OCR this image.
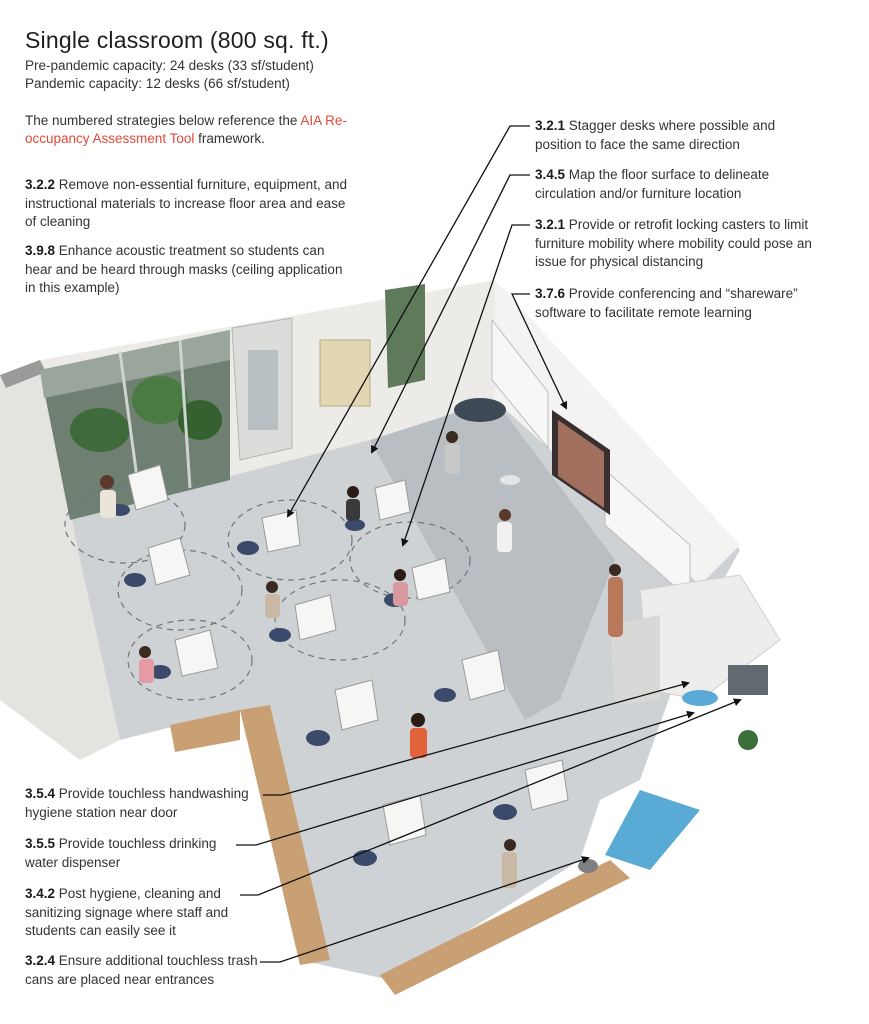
Single classroom (800 sq. ft.)
Pre-pandemic capacity: 24 desks (33 sf/student)
Pandemic capacity: 12 desks (66 sf/student)
The numbered strategies below reference the AIA Re-occupancy Assessment Tool framework.
3.2.2 Remove non-essential furniture, equipment, and instructional materials to increase floor area and ease of cleaning
3.9.8 Enhance acoustic treatment so students can hear and be heard through masks (ceiling application in this example)
3.2.1 Stagger desks where possible and position to face the same direction
3.4.5 Map the floor surface to delineate circulation and/or furniture location
3.2.1 Provide or retrofit locking casters to limit furniture mobility where mobility could pose an issue for physical distancing
3.7.6 Provide conferencing and “shareware” software to facilitate remote learning
3.5.4 Provide touchless handwashing hygiene station near door
3.5.5 Provide touchless drinking water dispenser
3.4.2 Post hygiene, cleaning and sanitizing signage where staff and students can easily see it
3.2.4 Ensure additional touchless trash cans are placed near entrances
